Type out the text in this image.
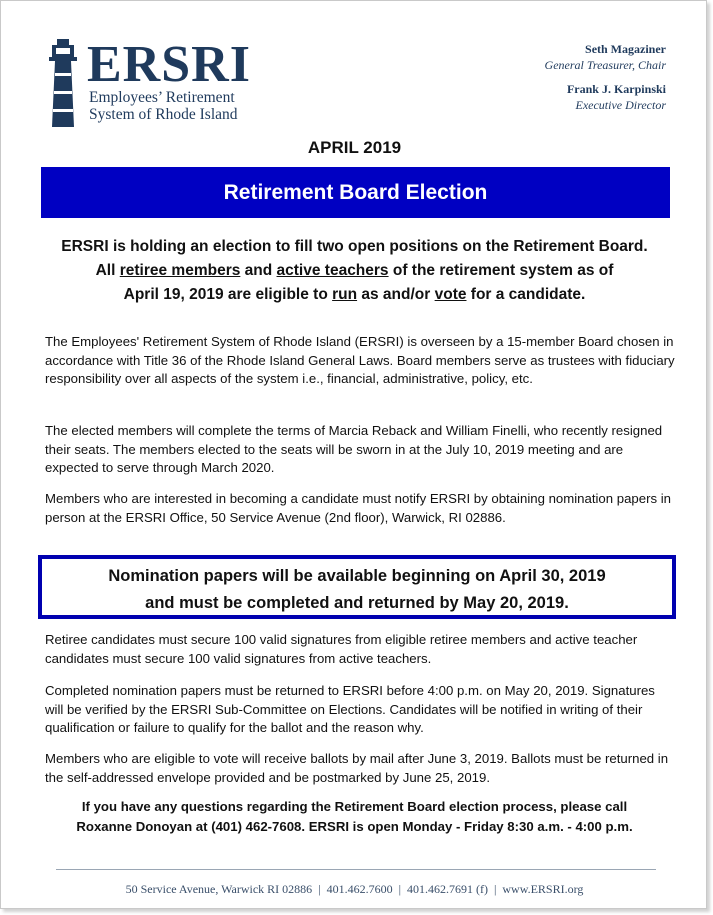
ERSRI
Employees’ Retirement
System of Rhode Island
Seth Magaziner
General Treasurer, Chair
Frank J. Karpinski
Executive Director
APRIL 2019
Retirement Board Election
ERSRI is holding an election to fill two open positions on the Retirement Board.
All retiree members and active teachers of the retirement system as of
April 19, 2019 are eligible to run as and/or vote for a candidate.

The Employees' Retirement System of Rhode Island (ERSRI) is overseen by a 15-member Board chosen in accordance with Title 36 of the Rhode Island General Laws. Board members serve as trustees with fiduciary responsibility over all aspects of the system i.e., financial, administrative, policy, etc.

The elected members will complete the terms of Marcia Reback and William Finelli, who recently resigned their seats. The members elected to the seats will be sworn in at the July 10, 2019 meeting and are expected to serve through March 2020.

Members who are interested in becoming a candidate must notify ERSRI by obtaining nomination papers in person at the ERSRI Office, 50 Service Avenue (2nd floor), Warwick, RI 02886.

Nomination papers will be available beginning on April 30, 2019
and must be completed and returned by May 20, 2019.

Retiree candidates must secure 100 valid signatures from eligible retiree members and active teacher candidates must secure 100 valid signatures from active teachers.

Completed nomination papers must be returned to ERSRI before 4:00 p.m. on May 20, 2019. Signatures will be verified by the ERSRI Sub-Committee on Elections. Candidates will be notified in writing of their qualification or failure to qualify for the ballot and the reason why.

Members who are eligible to vote will receive ballots by mail after June 3, 2019. Ballots must be returned in the self-addressed envelope provided and be postmarked by June 25, 2019.

If you have any questions regarding the Retirement Board election process, please call
Roxanne Donoyan at (401) 462-7608. ERSRI is open Monday - Friday 8:30 a.m. - 4:00 p.m.
50 Service Avenue, Warwick RI 02886 | 401.462.7600 | 401.462.7691 (f) | www.ERSRI.org
